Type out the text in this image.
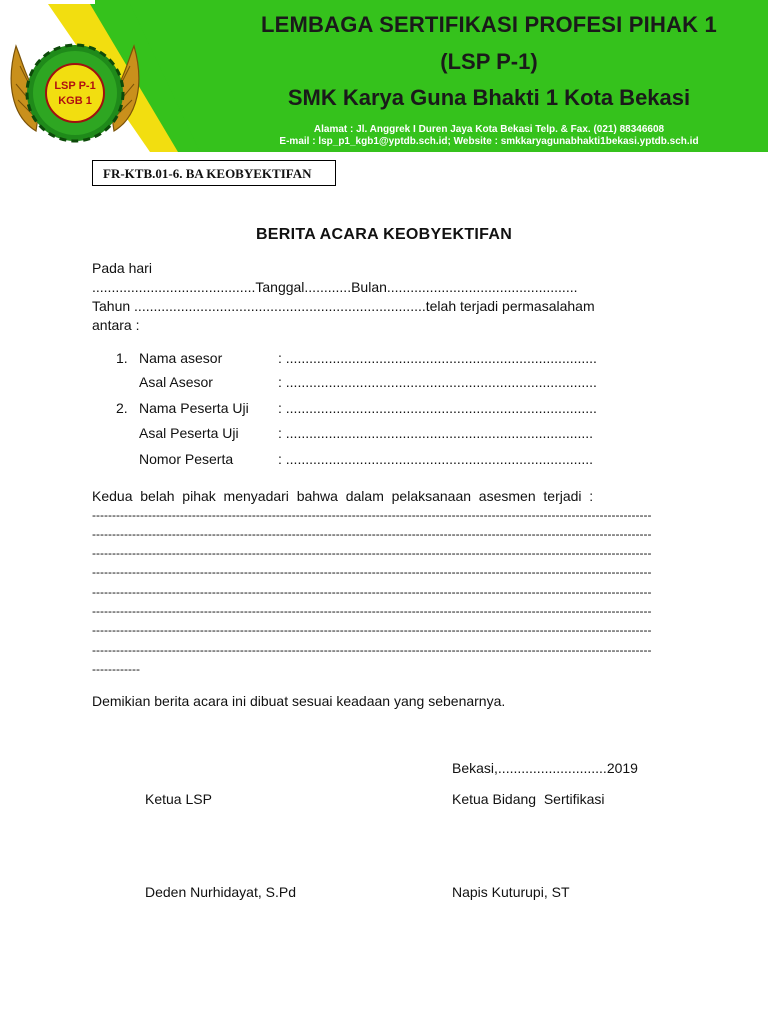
LSP P-1
KGB 1
LEMBAGA SERTIFIKASI PROFESI PIHAK 1
(LSP P-1)
SMK Karya Guna Bhakti 1 Kota Bekasi
Alamat : Jl. Anggrek I Duren Jaya Kota Bekasi Telp. & Fax. (021) 88346608
E-mail : lsp_p1_kgb1@yptdb.sch.id; Website : smkkaryagunabhakti1bekasi.yptdb.sch.id
FR-KTB.01-6. BA KEOBYEKTIFAN
BERITA ACARA KEOBYEKTIFAN
Pada hari
..........................................Tanggal............Bulan.................................................
Tahun ...........................................................................telah terjadi permasalaham
antara :
1. Nama asesor	: ................................................................................
Asal Asesor	: ................................................................................
2. Nama Peserta Uji : ................................................................................
Asal Peserta Uji	: ...............................................................................
Nomor Peserta	: ...............................................................................
Kedua  belah  pihak  menyadari  bahwa  dalam  pelaksanaan  asesmen  terjadi  :
--------------------------------------------------------------------------------------------------------------------------------------------
--------------------------------------------------------------------------------------------------------------------------------------------
--------------------------------------------------------------------------------------------------------------------------------------------
--------------------------------------------------------------------------------------------------------------------------------------------
--------------------------------------------------------------------------------------------------------------------------------------------
--------------------------------------------------------------------------------------------------------------------------------------------
--------------------------------------------------------------------------------------------------------------------------------------------
--------------------------------------------------------------------------------------------------------------------------------------------
------------
Demikian berita acara ini dibuat sesuai keadaan yang sebenarnya.
Bekasi,............................2019
Ketua LSP	Ketua Bidang  Sertifikasi
Deden Nurhidayat, S.Pd	Napis Kuturupi, ST
